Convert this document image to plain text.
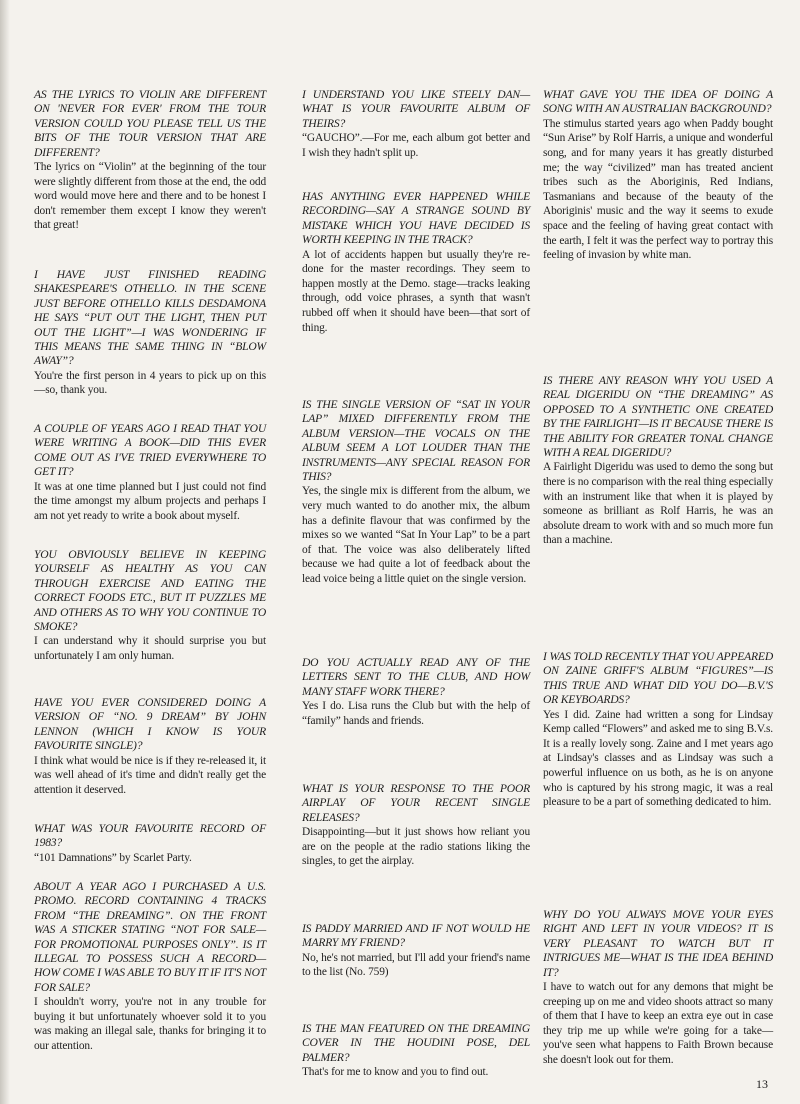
AS THE LYRICS TO VIOLIN ARE DIFFERENT ON 'NEVER FOR EVER' FROM THE TOUR VERSION COULD YOU PLEASE TELL US THE BITS OF THE TOUR VERSION THAT ARE DIFFERENT?

The lyrics on “Violin” at the beginning of the tour were slightly different from those at the end, the odd word would move here and there and to be honest I don't remember them except I know they weren't that great!

I HAVE JUST FINISHED READING SHAKESPEARE'S OTHELLO. IN THE SCENE JUST BEFORE OTHELLO KILLS DESDAMONA HE SAYS “PUT OUT THE LIGHT, THEN PUT OUT THE LIGHT”—I WAS WONDERING IF THIS MEANS THE SAME THING IN “BLOW AWAY”?

You're the first person in 4 years to pick up on this—so, thank you.

A COUPLE OF YEARS AGO I READ THAT YOU WERE WRITING A BOOK—DID THIS EVER COME OUT AS I'VE TRIED EVERYWHERE TO GET IT?

It was at one time planned but I just could not find the time amongst my album projects and perhaps I am not yet ready to write a book about myself.

YOU OBVIOUSLY BELIEVE IN KEEPING YOURSELF AS HEALTHY AS YOU CAN THROUGH EXERCISE AND EATING THE CORRECT FOODS ETC., BUT IT PUZZLES ME AND OTHERS AS TO WHY YOU CONTINUE TO SMOKE?

I can understand why it should surprise you but unfortunately I am only human.

HAVE YOU EVER CONSIDERED DOING A VERSION OF “NO. 9 DREAM” BY JOHN LENNON (WHICH I KNOW IS YOUR FAVOURITE SINGLE)?

I think what would be nice is if they re-released it, it was well ahead of it's time and didn't really get the attention it deserved.

WHAT WAS YOUR FAVOURITE RECORD OF 1983?

“101 Damnations” by Scarlet Party.

ABOUT A YEAR AGO I PURCHASED A U.S. PROMO. RECORD CONTAINING 4 TRACKS FROM “THE DREAMING”. ON THE FRONT WAS A STICKER STATING “NOT FOR SALE—FOR PROMOTIONAL PURPOSES ONLY”. IS IT ILLEGAL TO POSSESS SUCH A RECORD—HOW COME I WAS ABLE TO BUY IT IF IT'S NOT FOR SALE?

I shouldn't worry, you're not in any trouble for buying it but unfortunately whoever sold it to you was making an illegal sale, thanks for bringing it to our attention.

I UNDERSTAND YOU LIKE STEELY DAN—WHAT IS YOUR FAVOURITE ALBUM OF THEIRS?

“GAUCHO”.—For me, each album got better and I wish they hadn't split up.

HAS ANYTHING EVER HAPPENED WHILE RECORDING—SAY A STRANGE SOUND BY MISTAKE WHICH YOU HAVE DECIDED IS WORTH KEEPING IN THE TRACK?

A lot of accidents happen but usually they're re-done for the master recordings. They seem to happen mostly at the Demo. stage—tracks leaking through, odd voice phrases, a synth that wasn't rubbed off when it should have been—that sort of thing.

IS THE SINGLE VERSION OF “SAT IN YOUR LAP” MIXED DIFFERENTLY FROM THE ALBUM VERSION—THE VOCALS ON THE ALBUM SEEM A LOT LOUDER THAN THE INSTRUMENTS—ANY SPECIAL REASON FOR THIS?

Yes, the single mix is different from the album, we very much wanted to do another mix, the album has a definite flavour that was confirmed by the mixes so we wanted “Sat In Your Lap” to be a part of that. The voice was also deliberately lifted because we had quite a lot of feedback about the lead voice being a little quiet on the single version.

DO YOU ACTUALLY READ ANY OF THE LETTERS SENT TO THE CLUB, AND HOW MANY STAFF WORK THERE?

Yes I do. Lisa runs the Club but with the help of “family” hands and friends.

WHAT IS YOUR RESPONSE TO THE POOR AIRPLAY OF YOUR RECENT SINGLE RELEASES?

Disappointing—but it just shows how reliant you are on the people at the radio stations liking the singles, to get the airplay.

IS PADDY MARRIED AND IF NOT WOULD HE MARRY MY FRIEND?

No, he's not married, but I'll add your friend's name to the list (No. 759)

IS THE MAN FEATURED ON THE DREAMING COVER IN THE HOUDINI POSE, DEL PALMER?

That's for me to know and you to find out.

WHAT GAVE YOU THE IDEA OF DOING A SONG WITH AN AUSTRALIAN BACKGROUND?

The stimulus started years ago when Paddy bought “Sun Arise” by Rolf Harris, a unique and wonderful song, and for many years it has greatly disturbed me; the way “civilized” man has treated ancient tribes such as the Aboriginis, Red Indians, Tasmanians and because of the beauty of the Aboriginis' music and the way it seems to exude space and the feeling of having great contact with the earth, I felt it was the perfect way to portray this feeling of invasion by white man.

IS THERE ANY REASON WHY YOU USED A REAL DIGERIDU ON “THE DREAMING” AS OPPOSED TO A SYNTHETIC ONE CREATED BY THE FAIRLIGHT—IS IT BECAUSE THERE IS THE ABILITY FOR GREATER TONAL CHANGE WITH A REAL DIGERIDU?

A Fairlight Digeridu was used to demo the song but there is no comparison with the real thing especially with an instrument like that when it is played by someone as brilliant as Rolf Harris, he was an absolute dream to work with and so much more fun than a machine.

I WAS TOLD RECENTLY THAT YOU APPEARED ON ZAINE GRIFF'S ALBUM “FIGURES”—IS THIS TRUE AND WHAT DID YOU DO—B.V.'S OR KEYBOARDS?

Yes I did. Zaine had written a song for Lindsay Kemp called “Flowers” and asked me to sing B.V.s. It is a really lovely song. Zaine and I met years ago at Lindsay's classes and as Lindsay was such a powerful influence on us both, as he is on anyone who is captured by his strong magic, it was a real pleasure to be a part of something dedicated to him.

WHY DO YOU ALWAYS MOVE YOUR EYES RIGHT AND LEFT IN YOUR VIDEOS? IT IS VERY PLEASANT TO WATCH BUT IT INTRIGUES ME—WHAT IS THE IDEA BEHIND IT?

I have to watch out for any demons that might be creeping up on me and video shoots attract so many of them that I have to keep an extra eye out in case they trip me up while we're going for a take—you've seen what happens to Faith Brown because she doesn't look out for them.

13
